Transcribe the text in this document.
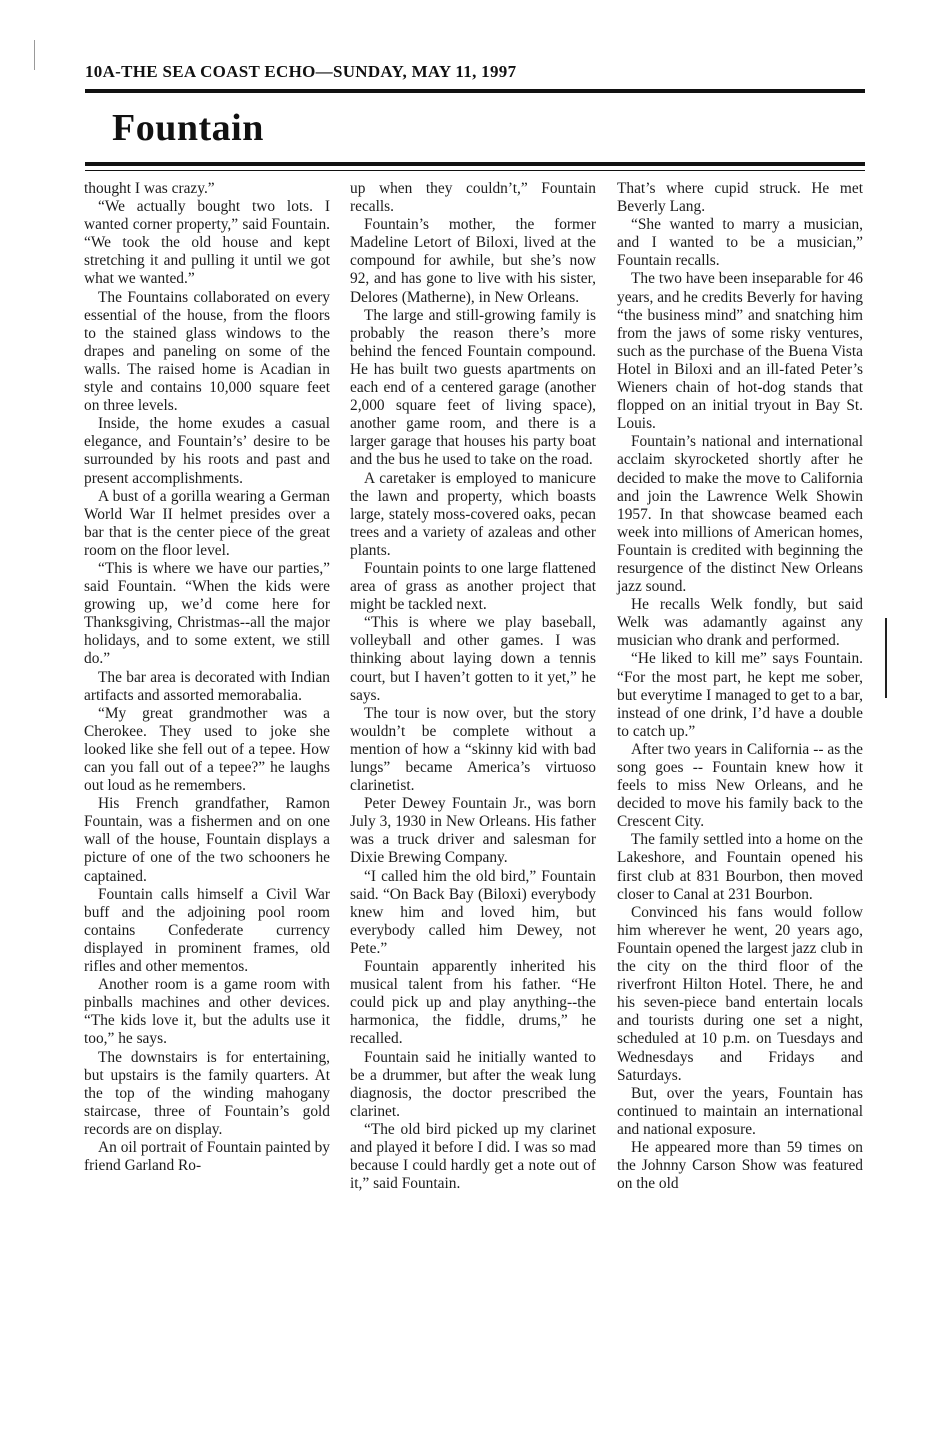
10A-THE SEA COAST ECHO—SUNDAY, MAY 11, 1997
Fountain

thought I was crazy.”

“We actually bought two lots. I wanted corner property,” said Fountain. “We took the old house and kept stretching it and pulling it until we got what we wanted.”

The Fountains collaborated on every essential of the house, from the floors to the stained glass windows to the drapes and paneling on some of the walls. The raised home is Acadian in style and contains 10,000 square feet on three levels.

Inside, the home exudes a casual elegance, and Fountain’s’ desire to be surrounded by his roots and past and present accomplishments.

A bust of a gorilla wearing a German World War II helmet presides over a bar that is the center piece of the great room on the floor level.

“This is where we have our parties,” said Fountain. “When the kids were growing up, we’d come here for Thanksgiving, Christmas--all the major holidays, and to some extent, we still do.”

The bar area is decorated with Indian artifacts and assorted memorabalia.

“My great grandmother was a Cherokee. They used to joke she looked like she fell out of a tepee. How can you fall out of a tepee?” he laughs out loud as he remembers.

His French grandfather, Ramon Fountain, was a fishermen and on one wall of the house, Fountain displays a picture of one of the two schooners he captained.

Fountain calls himself a Civil War buff and the adjoining pool room contains Confederate currency displayed in prominent frames, old rifles and other mementos.

Another room is a game room with pinballs machines and other devices. “The kids love it, but the adults use it too,” he says.

The downstairs is for entertaining, but upstairs is the family quarters. At the top of the winding mahogany staircase, three of Fountain’s gold records are on display.

An oil portrait of Fountain painted by friend Garland Ro-

up when they couldn’t,” Fountain recalls.

Fountain’s mother, the former Madeline Letort of Biloxi, lived at the compound for awhile, but she’s now 92, and has gone to live with his sister, Delores (Matherne), in New Orleans.

The large and still-growing family is probably the reason there’s more behind the fenced Fountain compound. He has built two guests apartments on each end of a centered garage (another 2,000 square feet of living space), another game room, and there is a larger garage that houses his party boat and the bus he used to take on the road.

A caretaker is employed to manicure the lawn and property, which boasts large, stately moss-covered oaks, pecan trees and a variety of azaleas and other plants.

Fountain points to one large flattened area of grass as another project that might be tackled next.

“This is where we play baseball, volleyball and other games. I was thinking about laying down a tennis court, but I haven’t gotten to it yet,” he says.

The tour is now over, but the story wouldn’t be complete without a mention of how a “skinny kid with bad lungs” became America’s virtuoso clarinetist.

Peter Dewey Fountain Jr., was born July 3, 1930 in New Orleans. His father was a truck driver and salesman for Dixie Brewing Company.

“I called him the old bird,” Fountain said. “On Back Bay (Biloxi) everybody knew him and loved him, but everybody called him Dewey, not Pete.”

Fountain apparently inherited his musical talent from his father. “He could pick up and play anything--the harmonica, the fiddle, drums,” he recalled.

Fountain said he initially wanted to be a drummer, but after the weak lung diagnosis, the doctor prescribed the clarinet.

“The old bird picked up my clarinet and played it before I did. I was so mad because I could hardly get a note out of it,” said Fountain.

That’s where cupid struck. He met Beverly Lang.

“She wanted to marry a musician, and I wanted to be a musician,” Fountain recalls.

The two have been inseparable for 46 years, and he credits Beverly for having “the business mind” and snatching him from the jaws of some risky ventures, such as the purchase of the Buena Vista Hotel in Biloxi and an ill-fated Peter’s Wieners chain of hot-dog stands that flopped on an initial tryout in Bay St. Louis.

Fountain’s national and international acclaim skyrocketed shortly after he decided to make the move to California and join the Lawrence Welk Showin 1957. In that showcase beamed each week into millions of American homes, Fountain is credited with beginning the resurgence of the distinct New Orleans jazz sound.

He recalls Welk fondly, but said Welk was adamantly against any musician who drank and performed.

“He liked to kill me” says Fountain. “For the most part, he kept me sober, but everytime I managed to get to a bar, instead of one drink, I’d have a double to catch up.”

After two years in California -- as the song goes -- Fountain knew how it feels to miss New Orleans, and he decided to move his family back to the Crescent City.

The family settled into a home on the Lakeshore, and Fountain opened his first club at 831 Bourbon, then moved closer to Canal at 231 Bourbon.

Convinced his fans would follow him wherever he went, 20 years ago, Fountain opened the largest jazz club in the city on the third floor of the riverfront Hilton Hotel. There, he and his seven-piece band entertain locals and tourists during one set a night, scheduled at 10 p.m. on Tuesdays and Wednesdays and Fridays and Saturdays.

But, over the years, Fountain has continued to maintain an international and national exposure.

He appeared more than 59 times on the Johnny Carson Show was featured on the old
